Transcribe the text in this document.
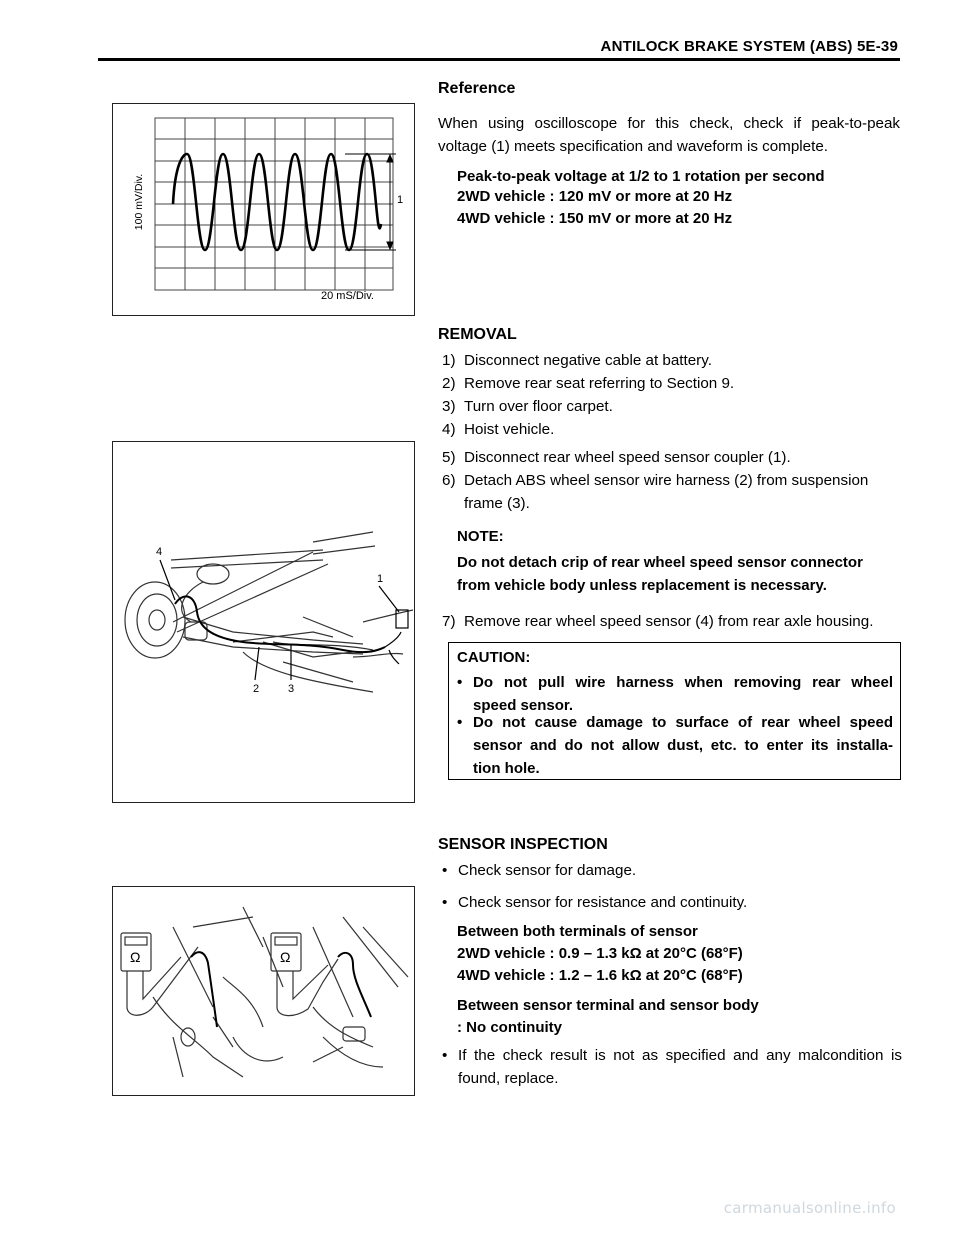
ANTILOCK BRAKE SYSTEM (ABS) 5E-39
100 mV/Div.
20 mS/Div.
1
Reference
When using oscilloscope for this check, check if peak-to-peak
voltage (1) meets specification and waveform is complete.
Peak-to-peak voltage at 1/2 to 1 rotation per second
2WD vehicle : 120 mV or more at 20 Hz
4WD vehicle : 150 mV or more at 20 Hz
REMOVAL
1) Disconnect negative cable at battery.
2) Remove rear seat referring to Section 9.
3) Turn over floor carpet.
4) Hoist vehicle.
4
1
2	3
5) Disconnect rear wheel speed sensor coupler (1).
6) Detach ABS wheel sensor wire harness (2) from suspension
frame (3).
NOTE:
Do not detach crip of rear wheel speed sensor connector
from vehicle body unless replacement is necessary.
7) Remove rear wheel speed sensor (4) from rear axle housing.
CAUTION:
• Do not pull wire harness when removing rear wheel
speed sensor.
• Do not cause damage to surface of rear wheel speed
sensor and do not allow dust, etc. to enter its installa-
tion hole.
SENSOR INSPECTION
• Check sensor for damage.
Ω	Ω
• Check sensor for resistance and continuity.
Between both terminals of sensor
2WD vehicle : 0.9 – 1.3 kΩ at 20°C (68°F)
4WD vehicle : 1.2 – 1.6 kΩ at 20°C (68°F)
Between sensor terminal and sensor body
: No continuity
• If the check result is not as specified and any malcondition is
found, replace.
carmanualsonline.info
